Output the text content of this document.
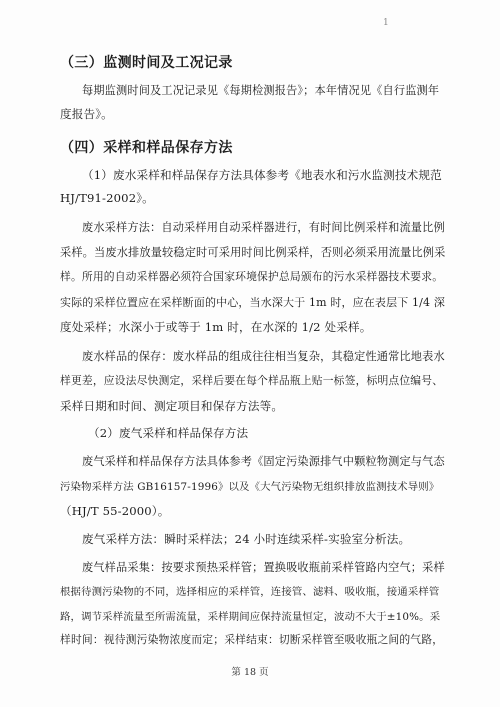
1
（三）监测时间及工况记录
每期监测时间及工况记录见《每期检测报告》；本年情况见《自行监测年
度报告》。
（四）采样和样品保存方法
（1）废水采样和样品保存方法具体参考《地表水和污水监测技术规范
HJ/T91-2002》。
废水采样方法：自动采样用自动采样器进行，有时间比例采样和流量比例
采样。当废水排放量较稳定时可采用时间比例采样，否则必须采用流量比例采
样。所用的自动采样器必须符合国家环境保护总局颁布的污水采样器技术要求。
实际的采样位置应在采样断面的中心，当水深大于 1m 时，应在表层下 1/4 深
度处采样；水深小于或等于 1m 时，在水深的 1/2 处采样。
废水样品的保存：废水样品的组成往往相当复杂，其稳定性通常比地表水
样更差，应设法尽快测定，采样后要在每个样品瓶上贴一标签，标明点位编号、
采样日期和时间、测定项目和保存方法等。
（2）废气采样和样品保存方法
废气采样和样品保存方法具体参考《固定污染源排气中颗粒物测定与气态
污染物采样方法 GB16157-1996》以及《大气污染物无组织排放监测技术导则》
（HJ/T 55-2000）。
废气采样方法：瞬时采样法；24 小时连续采样-实验室分析法。
废气样品采集：按要求预热采样管；置换吸收瓶前采样管路内空气；采样
根据待测污染物的不同，选择相应的采样管，连接管、滤料、吸收瓶，接通采样管
路，调节采样流量至所需流量，采样期间应保持流量恒定，波动不大于±10%。采
样时间：视待测污染物浓度而定；采样结束：切断采样管至吸收瓶之间的气路，
第 18 页
